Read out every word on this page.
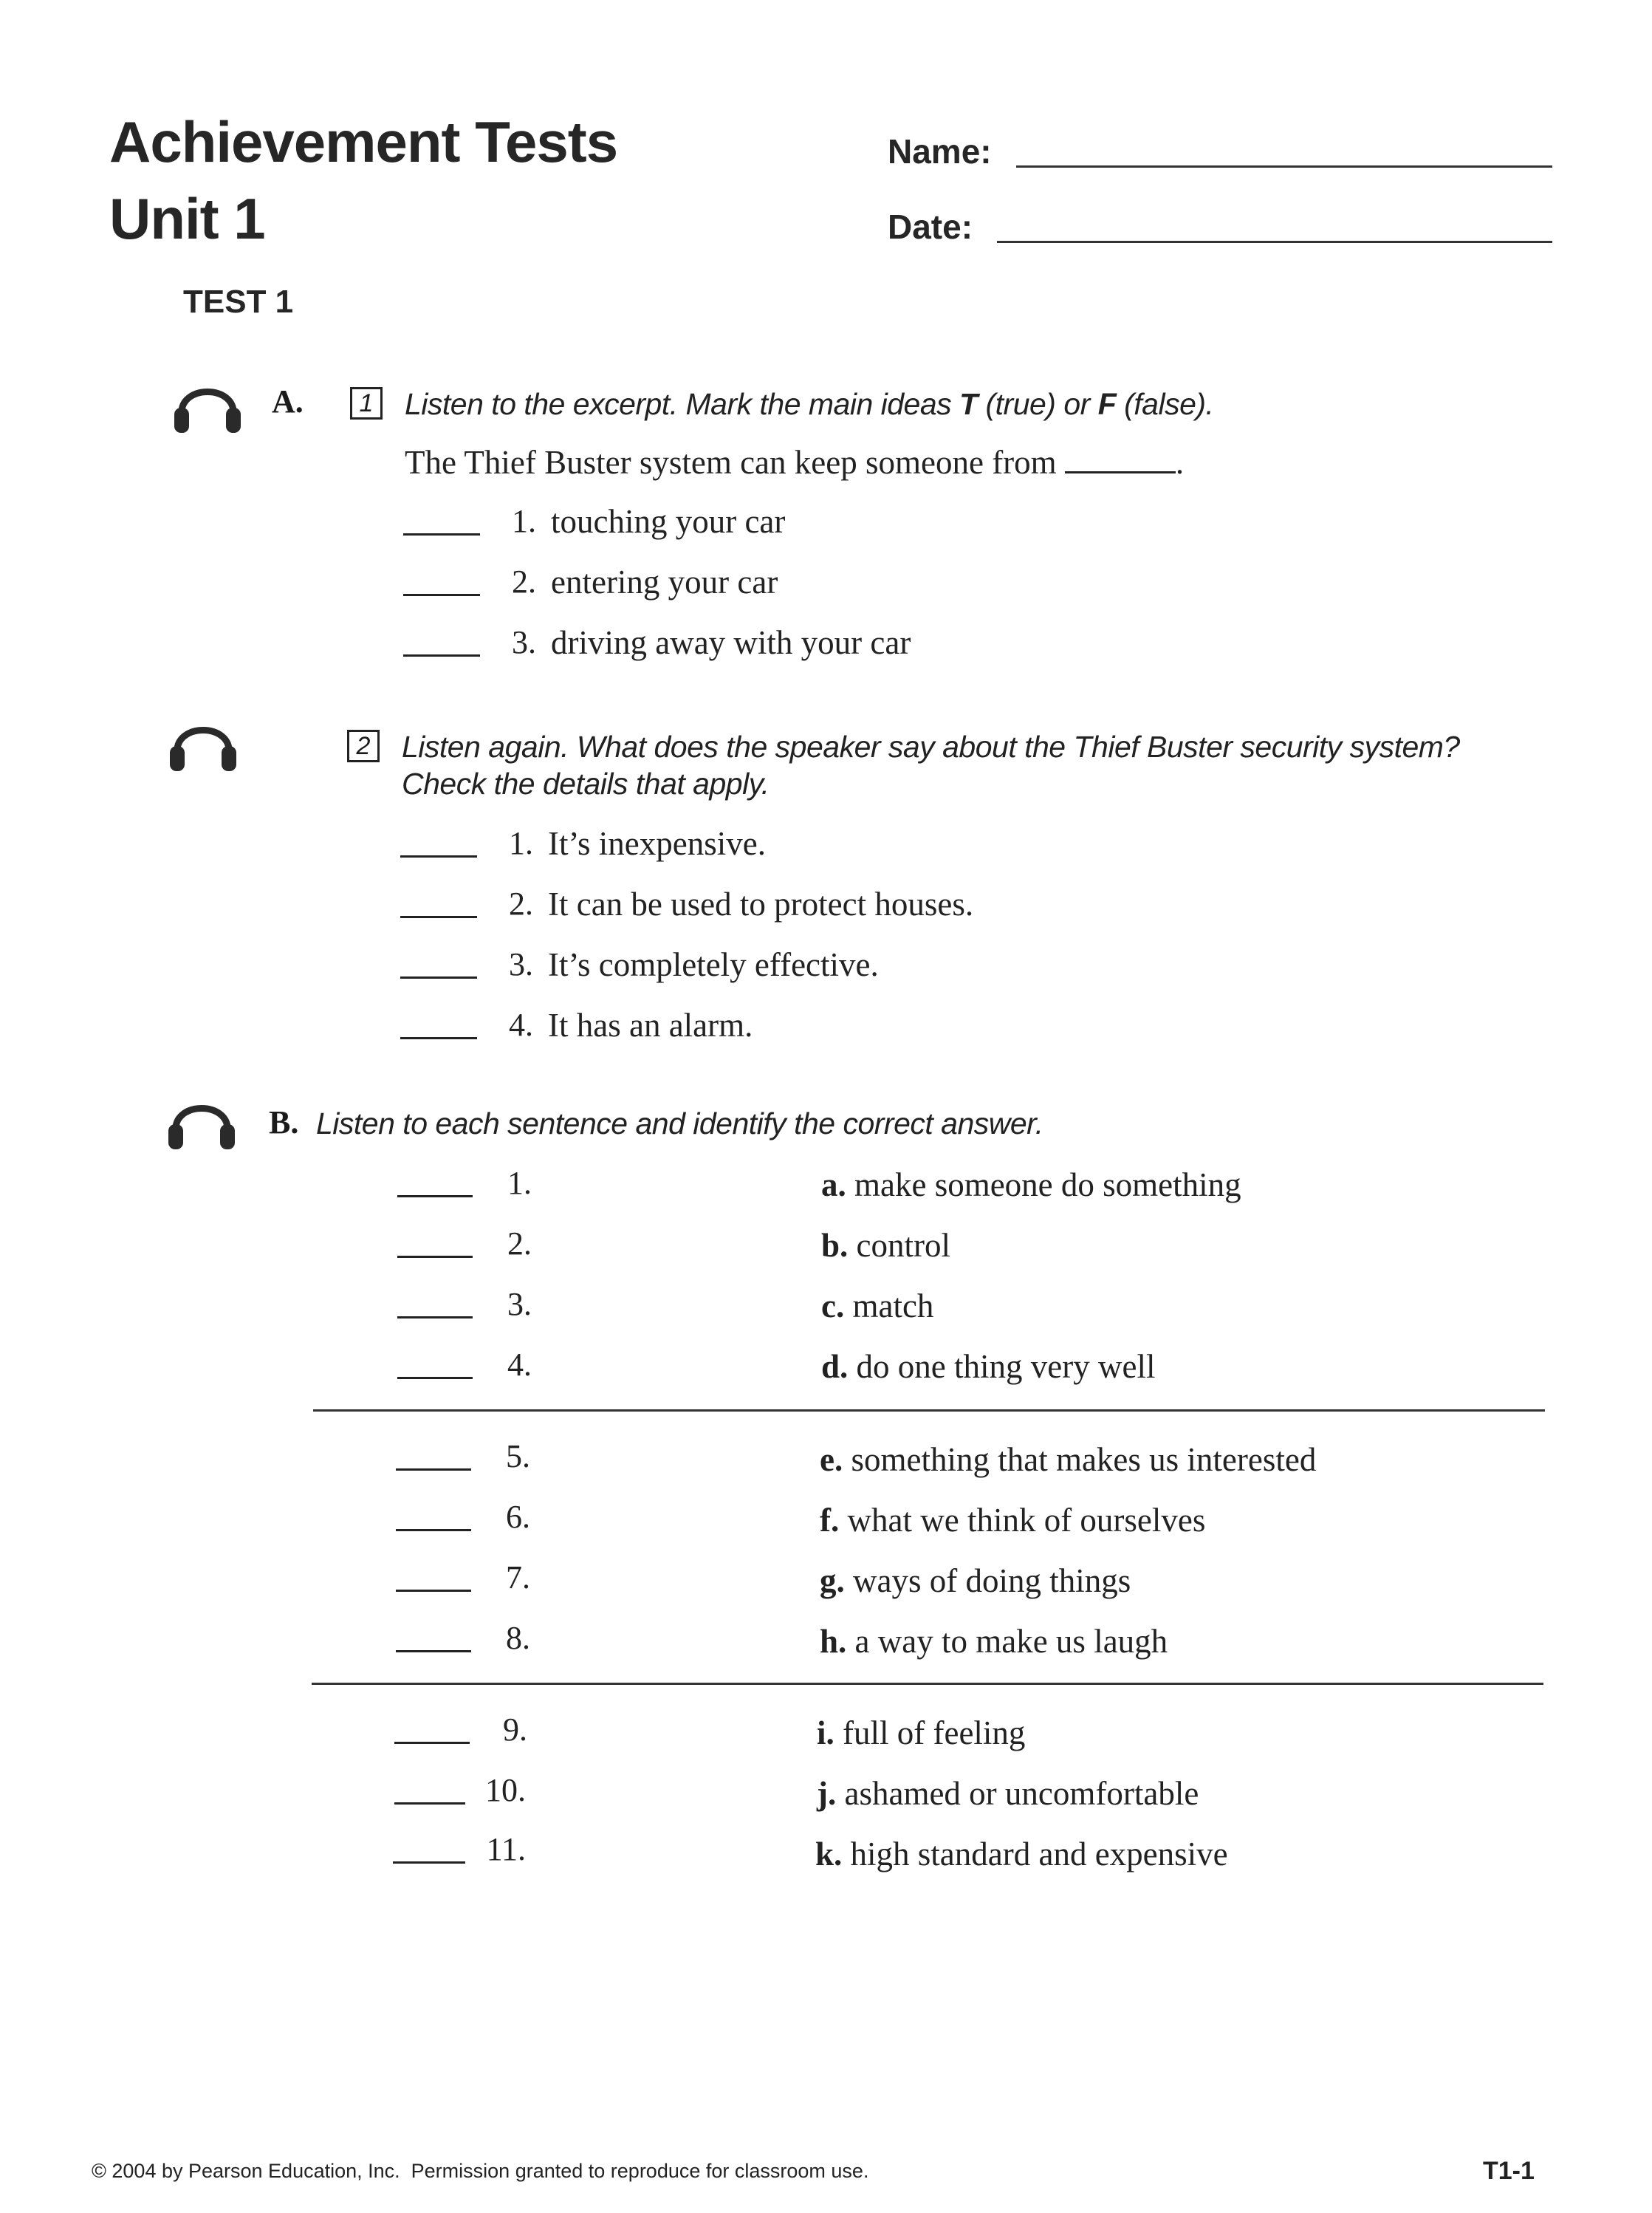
Achievement Tests
Unit 1
Name:
Date:
TEST 1
A.	1	Listen to the excerpt. Mark the main ideas T (true) or F (false).
The Thief Buster system can keep someone from	.
1. touching your car
2. entering your car
3. driving away with your car
2	Listen again. What does the speaker say about the Thief Buster security system?
Check the details that apply.
1. It’s inexpensive.
2. It can be used to protect houses.
3. It’s completely effective.
4. It has an alarm.
B. Listen to each sentence and identify the correct answer.
1.	a. make someone do something
2.	b. control
3.	c. match
4.	d. do one thing very well
5.	e. something that makes us interested
6.	f. what we think of ourselves
7.	g. ways of doing things
8.	h. a way to make us laugh
9.	i. full of feeling
10.	j. ashamed or uncomfortable
11.	k. high standard and expensive
© 2004 by Pearson Education, Inc.  Permission granted to reproduce for classroom use.	T1-1
